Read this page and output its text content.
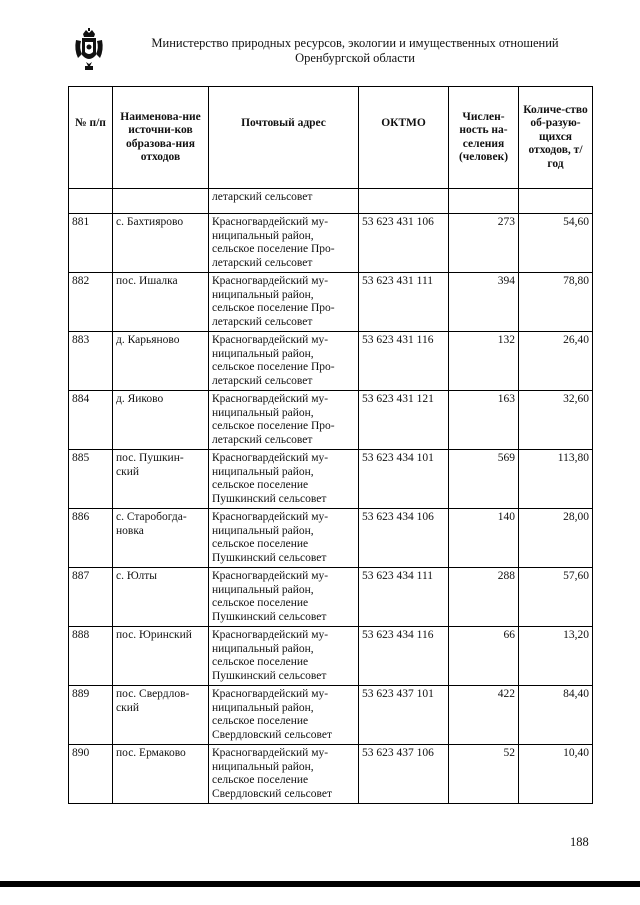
Министерство природных ресурсов, экологии и имущественных отношений
Оренбургской области
№ п/п	Наименова-ние источни-ков образова-ния отходов	Почтовый адрес	ОКТМО	Числен-ность на-селения (человек)	Количе-ство об-разую-щихся отходов, т/год
		летарский сельсовет			
881	с. Бахтиярово	Красногвардейский му-ниципальный район, сельское поселение Про-летарский сельсовет	53 623 431 106	273	54,60
882	пос. Ишалка	Красногвардейский му-ниципальный район, сельское поселение Про-летарский сельсовет	53 623 431 111	394	78,80
883	д. Карьяново	Красногвардейский му-ниципальный район, сельское поселение Про-летарский сельсовет	53 623 431 116	132	26,40
884	д. Яиково	Красногвардейский му-ниципальный район, сельское поселение Про-летарский сельсовет	53 623 431 121	163	32,60
885	пос. Пушкин-ский	Красногвардейский му-ниципальный район, сельское поселение Пушкинский сельсовет	53 623 434 101	569	113,80
886	с. Старобогда-новка	Красногвардейский му-ниципальный район, сельское поселение Пушкинский сельсовет	53 623 434 106	140	28,00
887	с. Юлты	Красногвардейский му-ниципальный район, сельское поселение Пушкинский сельсовет	53 623 434 111	288	57,60
888	пос. Юринский	Красногвардейский му-ниципальный район, сельское поселение Пушкинский сельсовет	53 623 434 116	66	13,20
889	пос. Свердлов-ский	Красногвардейский му-ниципальный район, сельское поселение Свердловский сельсовет	53 623 437 101	422	84,40
890	пос. Ермаково	Красногвардейский му-ниципальный район, сельское поселение Свердловский сельсовет	53 623 437 106	52	10,40
188
